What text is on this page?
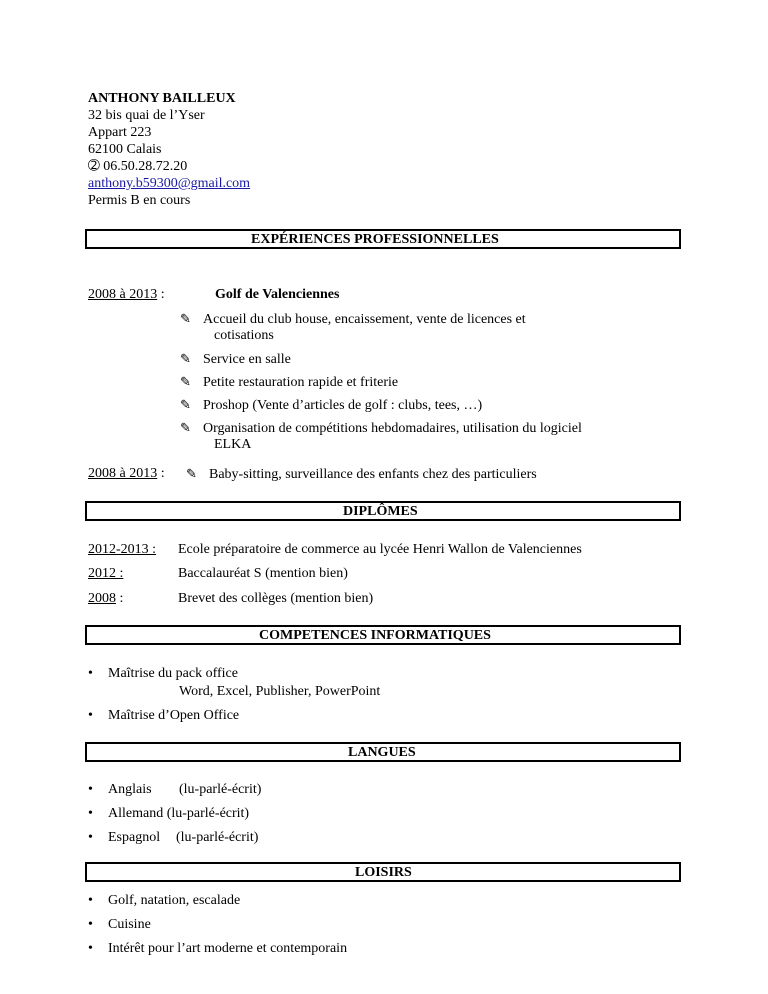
ANTHONY BAILLEUX
32 bis quai de l’Yser
Appart 223
62100 Calais
➁ 06.50.28.72.20
anthony.b59300@gmail.com
Permis B en cours
EXPÉRIENCES PROFESSIONNELLES
2008 à 2013 :	Golf de Valenciennes
✎ Accueil du club house, encaissement, vente de licences et
cotisations
✎ Service en salle
✎ Petite restauration rapide et friterie
✎ Proshop (Vente d’articles de golf : clubs, tees, …)
✎ Organisation de compétitions hebdomadaires, utilisation du logiciel
ELKA
2008 à 2013 : ✎ Baby-sitting, surveillance des enfants chez des particuliers
DIPLÔMES
2012-2013 : Ecole préparatoire de commerce au lycée Henri Wallon de Valenciennes
2012 :	Baccalauréat S (mention bien)
2008 :	Brevet des collèges (mention bien)
COMPETENCES INFORMATIQUES
• Maîtrise du pack office
Word, Excel, Publisher, PowerPoint
• Maîtrise d’Open Office
LANGUES
• Anglais (lu-parlé-écrit)
• Allemand (lu-parlé-écrit)
• Espagnol (lu-parlé-écrit)
LOISIRS
• Golf, natation, escalade
• Cuisine
• Intérêt pour l’art moderne et contemporain
